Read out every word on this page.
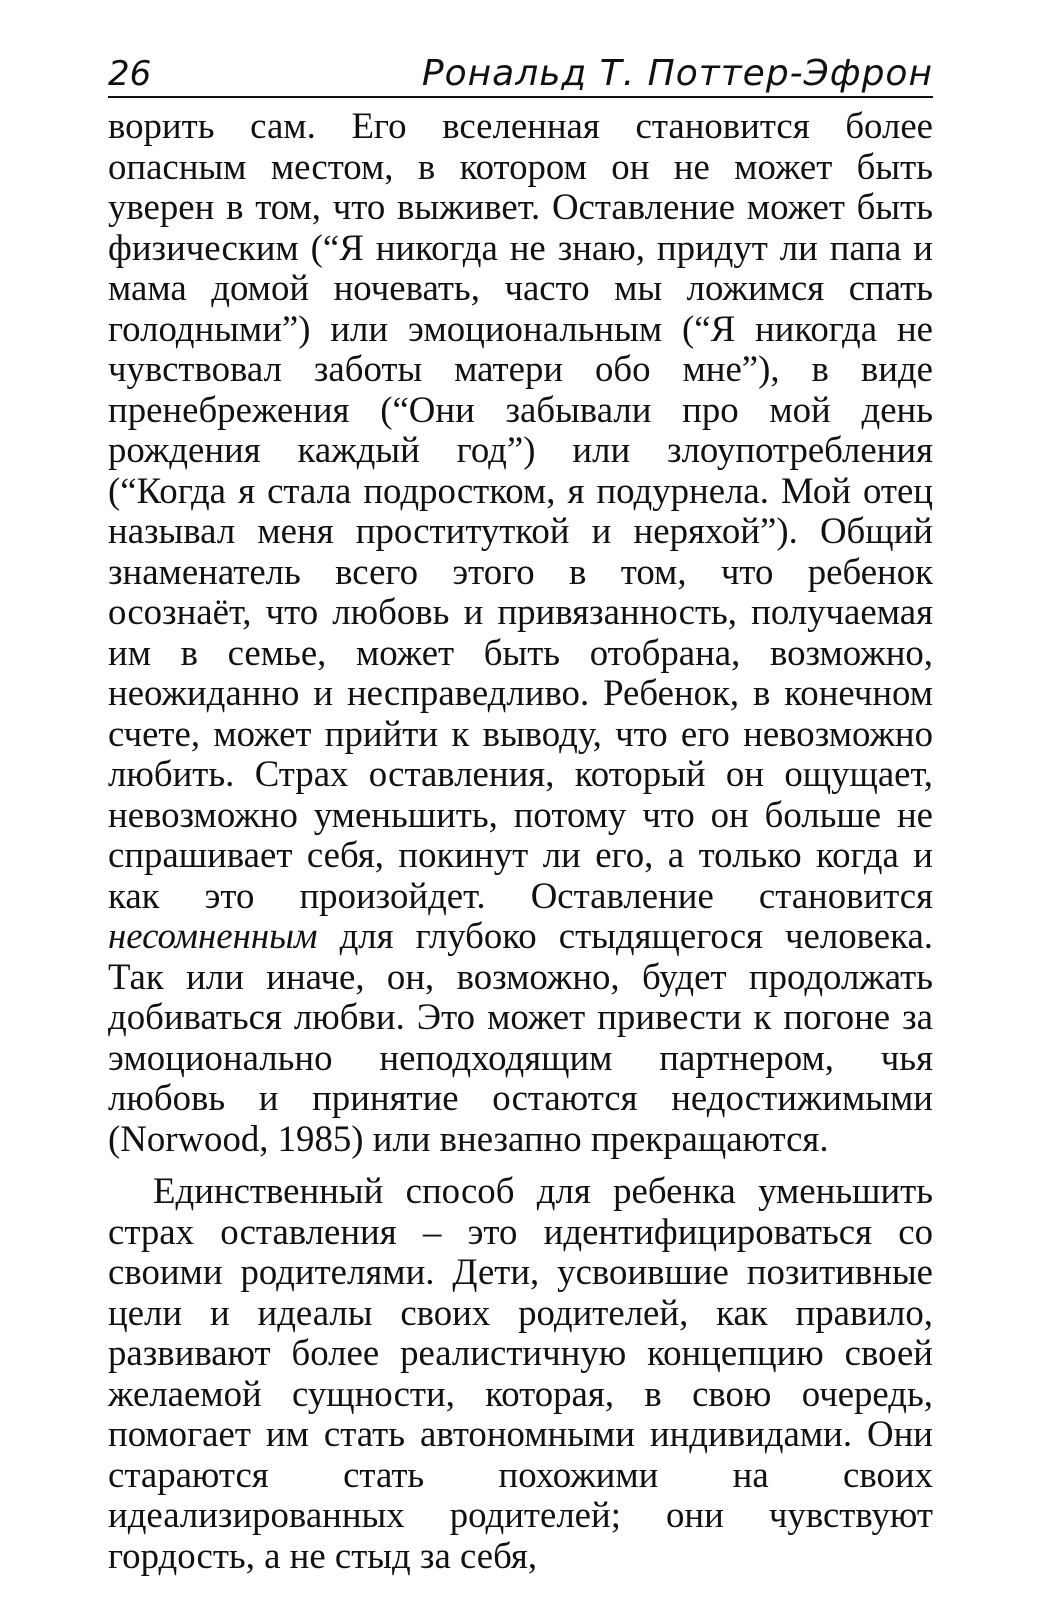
26	Рональд Т. Поттер-Эфрон

ворить сам. Его вселенная становится более опасным местом, в котором он не может быть уверен в том, что выживет. Оставление может быть физическим (“Я никогда не знаю, придут ли папа и мама домой ночевать, часто мы ложимся спать голодными”) или эмоциональным (“Я никогда не чувствовал заботы матери обо мне”), в виде пренебрежения (“Они забывали про мой день рождения каждый год”) или злоупотребления (“Когда я стала подростком, я подурнела. Мой отец называл меня проституткой и неряхой”). Общий знаменатель всего этого в том, что ребенок осознаёт, что любовь и привязанность, получаемая им в семье, может быть отобрана, возможно, неожиданно и несправедливо. Ребенок, в конечном счете, может прийти к выводу, что его невозможно любить. Страх оставления, который он ощущает, невозможно уменьшить, потому что он больше не спрашивает себя, покинут ли его, а только когда и как это произойдет. Оставление становится несомненным для глубоко стыдящегося человека. Так или иначе, он, возможно, будет продолжать добиваться любви. Это может привести к погоне за эмоционально неподходящим партнером, чья любовь и принятие остаются недостижимыми (Norwood, 1985) или внезапно прекращаются.

Единственный способ для ребенка уменьшить страх оставления – это идентифицироваться со своими родителями. Дети, усвоившие позитивные цели и идеалы своих родителей, как правило, развивают более реалистичную концепцию своей желаемой сущности, которая, в свою очередь, помогает им стать автономными индивидами. Они стараются стать похожими на своих идеализированных родителей; они чувствуют гордость, а не стыд за себя,
